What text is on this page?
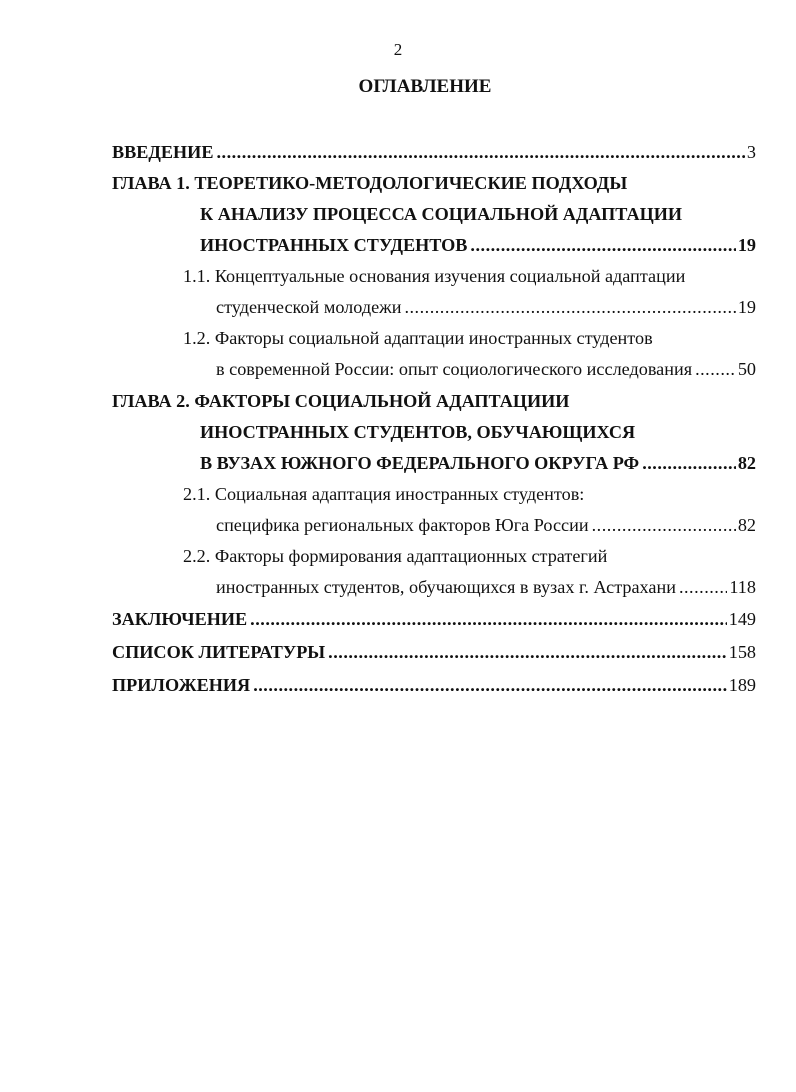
2
ОГЛАВЛЕНИЕ
ВВЕДЕНИЕ .....	3
ГЛАВА 1. ТЕОРЕТИКО-МЕТОДОЛОГИЧЕСКИЕ ПОДХОДЫ
К АНАЛИЗУ ПРОЦЕССА СОЦИАЛЬНОЙ АДАПТАЦИИ
ИНОСТРАННЫХ СТУДЕНТОВ .....	19
1.1. Концептуальные основания изучения социальной адаптации
студенческой молодежи .....	19
1.2. Факторы социальной адаптации иностранных студентов
в современной России: опыт социологического исследования .....	50
ГЛАВА 2. ФАКТОРЫ СОЦИАЛЬНОЙ АДАПТАЦИИИ
ИНОСТРАННЫХ СТУДЕНТОВ, ОБУЧАЮЩИХСЯ
В ВУЗАХ ЮЖНОГО ФЕДЕРАЛЬНОГО ОКРУГА РФ .....	82
2.1. Социальная адаптация иностранных студентов:
специфика региональных факторов Юга России .....	82
2.2. Факторы формирования адаптационных стратегий
иностранных студентов, обучающихся в вузах г. Астрахани .....	118
ЗАКЛЮЧЕНИЕ .....	149
СПИСОК ЛИТЕРАТУРЫ .....	158
ПРИЛОЖЕНИЯ .....	189
